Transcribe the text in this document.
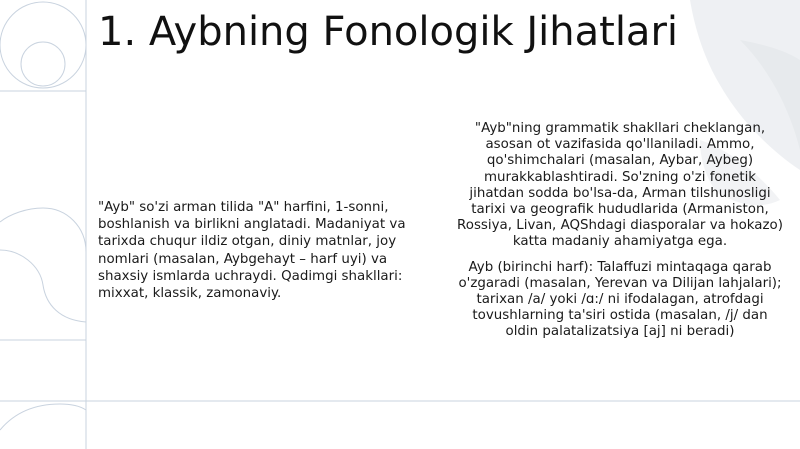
1. Aybning Fonologik Jihatlari

"Ayb" so'zi arman tilida "A" harfini, 1-sonni, boshlanish va birlikni anglatadi. Madaniyat va tarixda chuqur ildiz otgan, diniy matnlar, joy nomlari (masalan, Aybgehayt – harf uyi) va shaxsiy ismlarda uchraydi. Qadimgi shakllari: mixxat, klassik, zamonaviy.

"Ayb"ning grammatik shakllari cheklangan, asosan ot vazifasida qo'llaniladi. Ammo, qo'shimchalari (masalan, Aybar, Aybeg) murakkablashtiradi. So'zning o'zi fonetik jihatdan sodda bo'lsa-da, Arman tilshunosligi tarixi va geografik hududlarida (Armaniston, Rossiya, Livan, AQShdagi diasporalar va hokazo) katta madaniy ahamiyatga ega.

Ayb (birinchi harf): Talaffuzi mintaqaga qarab o'zgaradi (masalan, Yerevan va Dilijan lahjalari); tarixan /a/ yoki /ɑ:/ ni ifodalagan, atrofdagi tovushlarning ta'siri ostida (masalan, /j/ dan oldin palatalizatsiya [aj] ni beradi)
